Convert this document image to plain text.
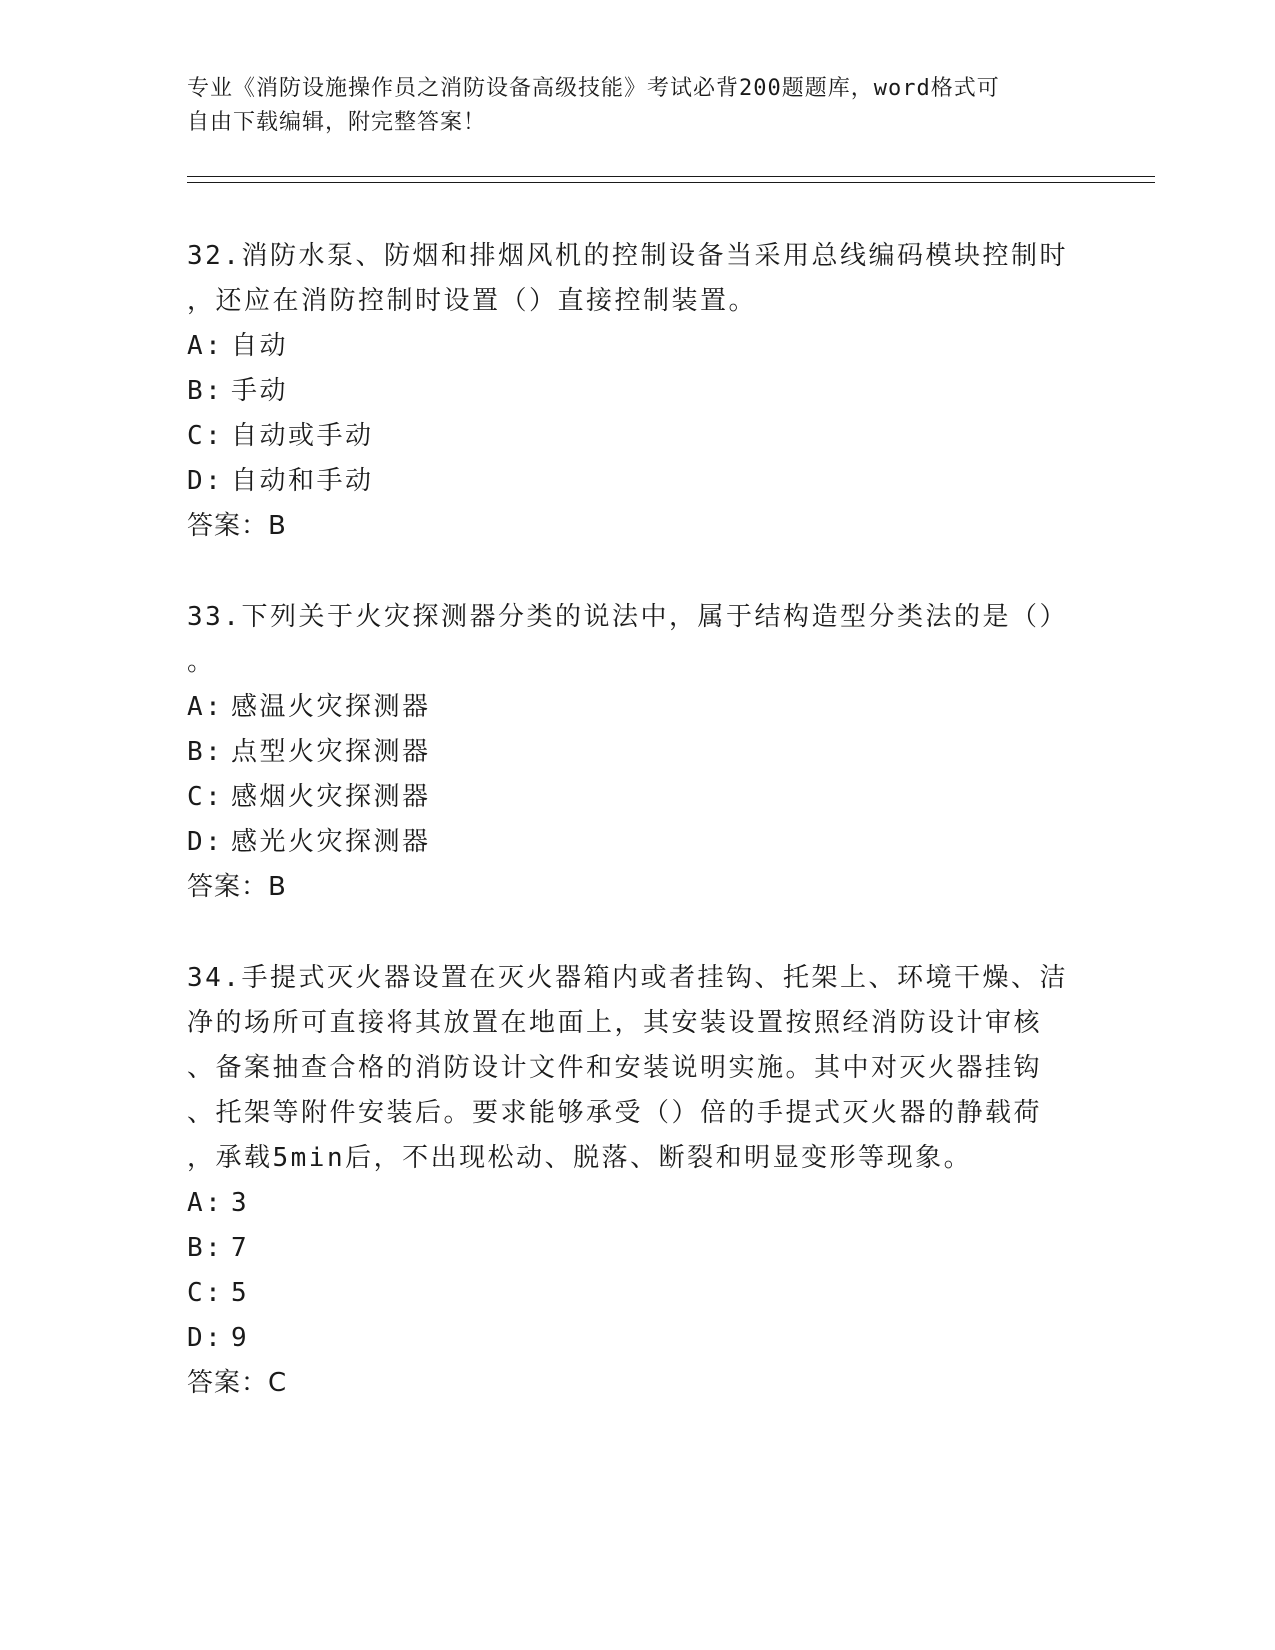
专业《消防设施操作员之消防设备高级技能》考试必背200题题库，word格式可
自由下载编辑，附完整答案！
32.消防水泵、防烟和排烟风机的控制设备当采用总线编码模块控制时
，还应在消防控制时设置（）直接控制装置。
A: 自动
B: 手动
C: 自动或手动
D: 自动和手动
答案：B
33.下列关于火灾探测器分类的说法中，属于结构造型分类法的是（）
。
A: 感温火灾探测器
B: 点型火灾探测器
C: 感烟火灾探测器
D: 感光火灾探测器
答案：B
34.手提式灭火器设置在灭火器箱内或者挂钩、托架上、环境干燥、洁
净的场所可直接将其放置在地面上，其安装设置按照经消防设计审核
、备案抽查合格的消防设计文件和安装说明实施。其中对灭火器挂钩
、托架等附件安装后。要求能够承受（）倍的手提式灭火器的静载荷
，承载5min后，不出现松动、脱落、断裂和明显变形等现象。
A: 3
B: 7
C: 5
D: 9
答案：C
